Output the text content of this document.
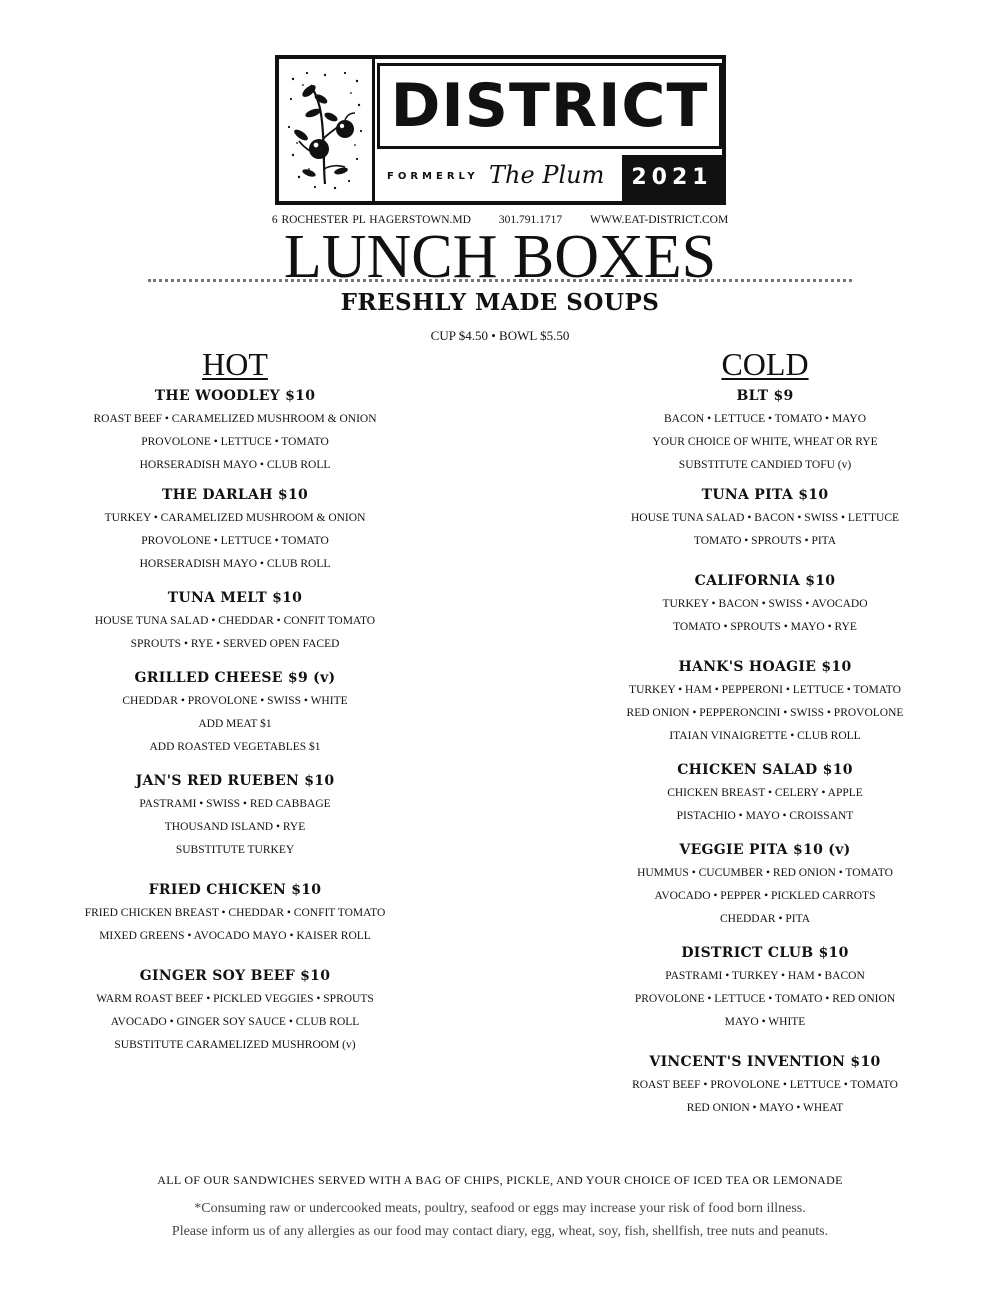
DISTRICT
FORMERLY The Plum	2021
6 ROCHESTER PL HAGERSTOWN.MD 301.791.1717 WWW.EAT-DISTRICT.COM
LUNCH BOXES
FRESHLY MADE SOUPS
CUP $4.50 • BOWL $5.50
HOT
THE WOODLEY $10
ROAST BEEF • CARAMELIZED MUSHROOM & ONION
PROVOLONE • LETTUCE • TOMATO
HORSERADISH MAYO • CLUB ROLL
THE DARLAH $10
TURKEY • CARAMELIZED MUSHROOM & ONION
PROVOLONE • LETTUCE • TOMATO
HORSERADISH MAYO • CLUB ROLL
TUNA MELT $10
HOUSE TUNA SALAD • CHEDDAR • CONFIT TOMATO
SPROUTS • RYE • SERVED OPEN FACED
GRILLED CHEESE $9 (v)
CHEDDAR • PROVOLONE • SWISS • WHITE
ADD MEAT $1
ADD ROASTED VEGETABLES $1
JAN'S RED RUEBEN $10
PASTRAMI • SWISS • RED CABBAGE
THOUSAND ISLAND • RYE
SUBSTITUTE TURKEY
FRIED CHICKEN $10
FRIED CHICKEN BREAST • CHEDDAR • CONFIT TOMATO
MIXED GREENS • AVOCADO MAYO • KAISER ROLL
GINGER SOY BEEF $10
WARM ROAST BEEF • PICKLED VEGGIES • SPROUTS
AVOCADO • GINGER SOY SAUCE • CLUB ROLL
SUBSTITUTE CARAMELIZED MUSHROOM (v)
COLD
BLT $9
BACON • LETTUCE • TOMATO • MAYO
YOUR CHOICE OF WHITE, WHEAT OR RYE
SUBSTITUTE CANDIED TOFU (v)
TUNA PITA $10
HOUSE TUNA SALAD • BACON • SWISS • LETTUCE
TOMATO • SPROUTS • PITA
CALIFORNIA $10
TURKEY • BACON • SWISS • AVOCADO
TOMATO • SPROUTS • MAYO • RYE
HANK'S HOAGIE $10
TURKEY • HAM • PEPPERONI • LETTUCE • TOMATO
RED ONION • PEPPERONCINI • SWISS • PROVOLONE
ITAIAN VINAIGRETTE • CLUB ROLL
CHICKEN SALAD $10
CHICKEN BREAST • CELERY • APPLE
PISTACHIO • MAYO • CROISSANT
VEGGIE PITA $10 (v)
HUMMUS • CUCUMBER • RED ONION • TOMATO
AVOCADO • PEPPER • PICKLED CARROTS
CHEDDAR • PITA
DISTRICT CLUB $10
PASTRAMI • TURKEY • HAM • BACON
PROVOLONE • LETTUCE • TOMATO • RED ONION
MAYO • WHITE
VINCENT'S INVENTION $10
ROAST BEEF • PROVOLONE • LETTUCE • TOMATO
RED ONION • MAYO • WHEAT
ALL OF OUR SANDWICHES SERVED WITH A BAG OF CHIPS, PICKLE, AND YOUR CHOICE OF ICED TEA OR LEMONADE
*Consuming raw or undercooked meats, poultry, seafood or eggs may increase your risk of food born illness.
Please inform us of any allergies as our food may contact diary, egg, wheat, soy, fish, shellfish, tree nuts and peanuts.
